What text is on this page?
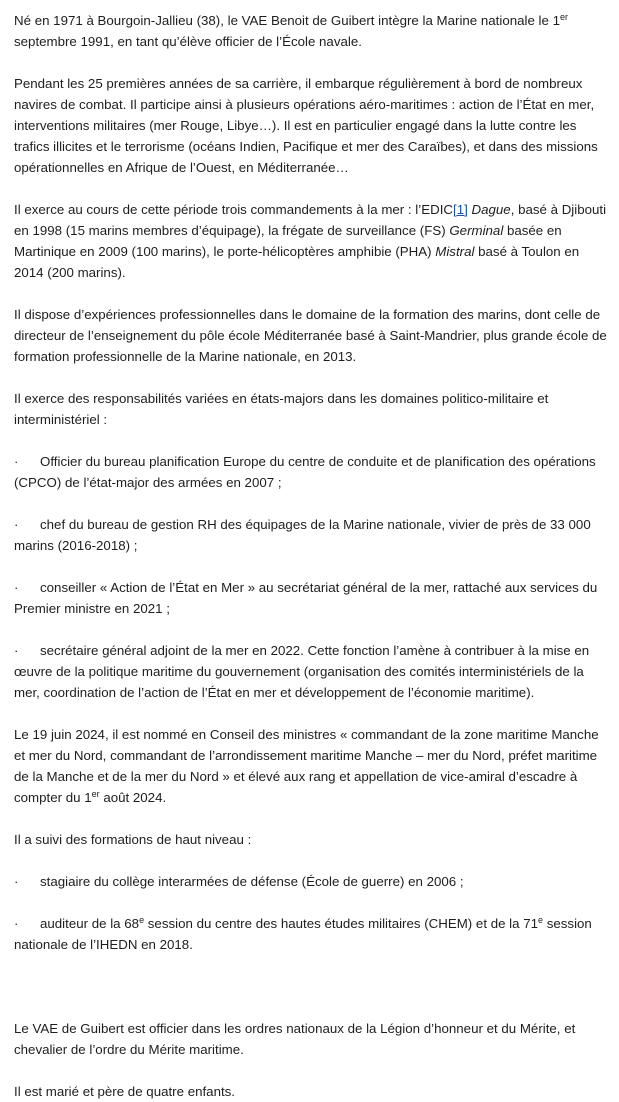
Né en 1971 à Bourgoin-Jallieu (38), le VAE Benoit de Guibert intègre la Marine nationale le 1er septembre 1991, en tant qu’élève officier de l’École navale.

Pendant les 25 premières années de sa carrière, il embarque régulièrement à bord de nombreux navires de combat. Il participe ainsi à plusieurs opérations aéro-maritimes : action de l’État en mer, interventions militaires (mer Rouge, Libye…). Il est en particulier engagé dans la lutte contre les trafics illicites et le terrorisme (océans Indien, Pacifique et mer des Caraïbes), et dans des missions opérationnelles en Afrique de l’Ouest, en Méditerranée…

Il exerce au cours de cette période trois commandements à la mer : l’EDIC[1] Dague, basé à Djibouti en 1998 (15 marins membres d’équipage), la frégate de surveillance (FS) Germinal basée en Martinique en 2009 (100 marins), le porte-hélicoptères amphibie (PHA) Mistral basé à Toulon en 2014 (200 marins).

Il dispose d’expériences professionnelles dans le domaine de la formation des marins, dont celle de directeur de l’enseignement du pôle école Méditerranée basé à Saint-Mandrier, plus grande école de formation professionnelle de la Marine nationale, en 2013.

Il exerce des responsabilités variées en états-majors dans les domaines politico-militaire et interministériel :

· Officier du bureau planification Europe du centre de conduite et de planification des opérations (CPCO) de l’état-major des armées en 2007 ;

· chef du bureau de gestion RH des équipages de la Marine nationale, vivier de près de 33 000 marins (2016-2018) ;

· conseiller « Action de l’État en Mer » au secrétariat général de la mer, rattaché aux services du Premier ministre en 2021 ;

· secrétaire général adjoint de la mer en 2022. Cette fonction l’amène à contribuer à la mise en œuvre de la politique maritime du gouvernement (organisation des comités interministériels de la mer, coordination de l’action de l’État en mer et développement de l’économie maritime).

Le 19 juin 2024, il est nommé en Conseil des ministres « commandant de la zone maritime Manche et mer du Nord, commandant de l’arrondissement maritime Manche – mer du Nord, préfet maritime de la Manche et de la mer du Nord » et élevé aux rang et appellation de vice-amiral d’escadre à compter du 1er août 2024.

Il a suivi des formations de haut niveau :

· stagiaire du collège interarmées de défense (École de guerre) en 2006 ;

· auditeur de la 68e session du centre des hautes études militaires (CHEM) et de la 71e session nationale de l’IHEDN en 2018.

Le VAE de Guibert est officier dans les ordres nationaux de la Légion d’honneur et du Mérite, et chevalier de l’ordre du Mérite maritime.

Il est marié et père de quatre enfants.
